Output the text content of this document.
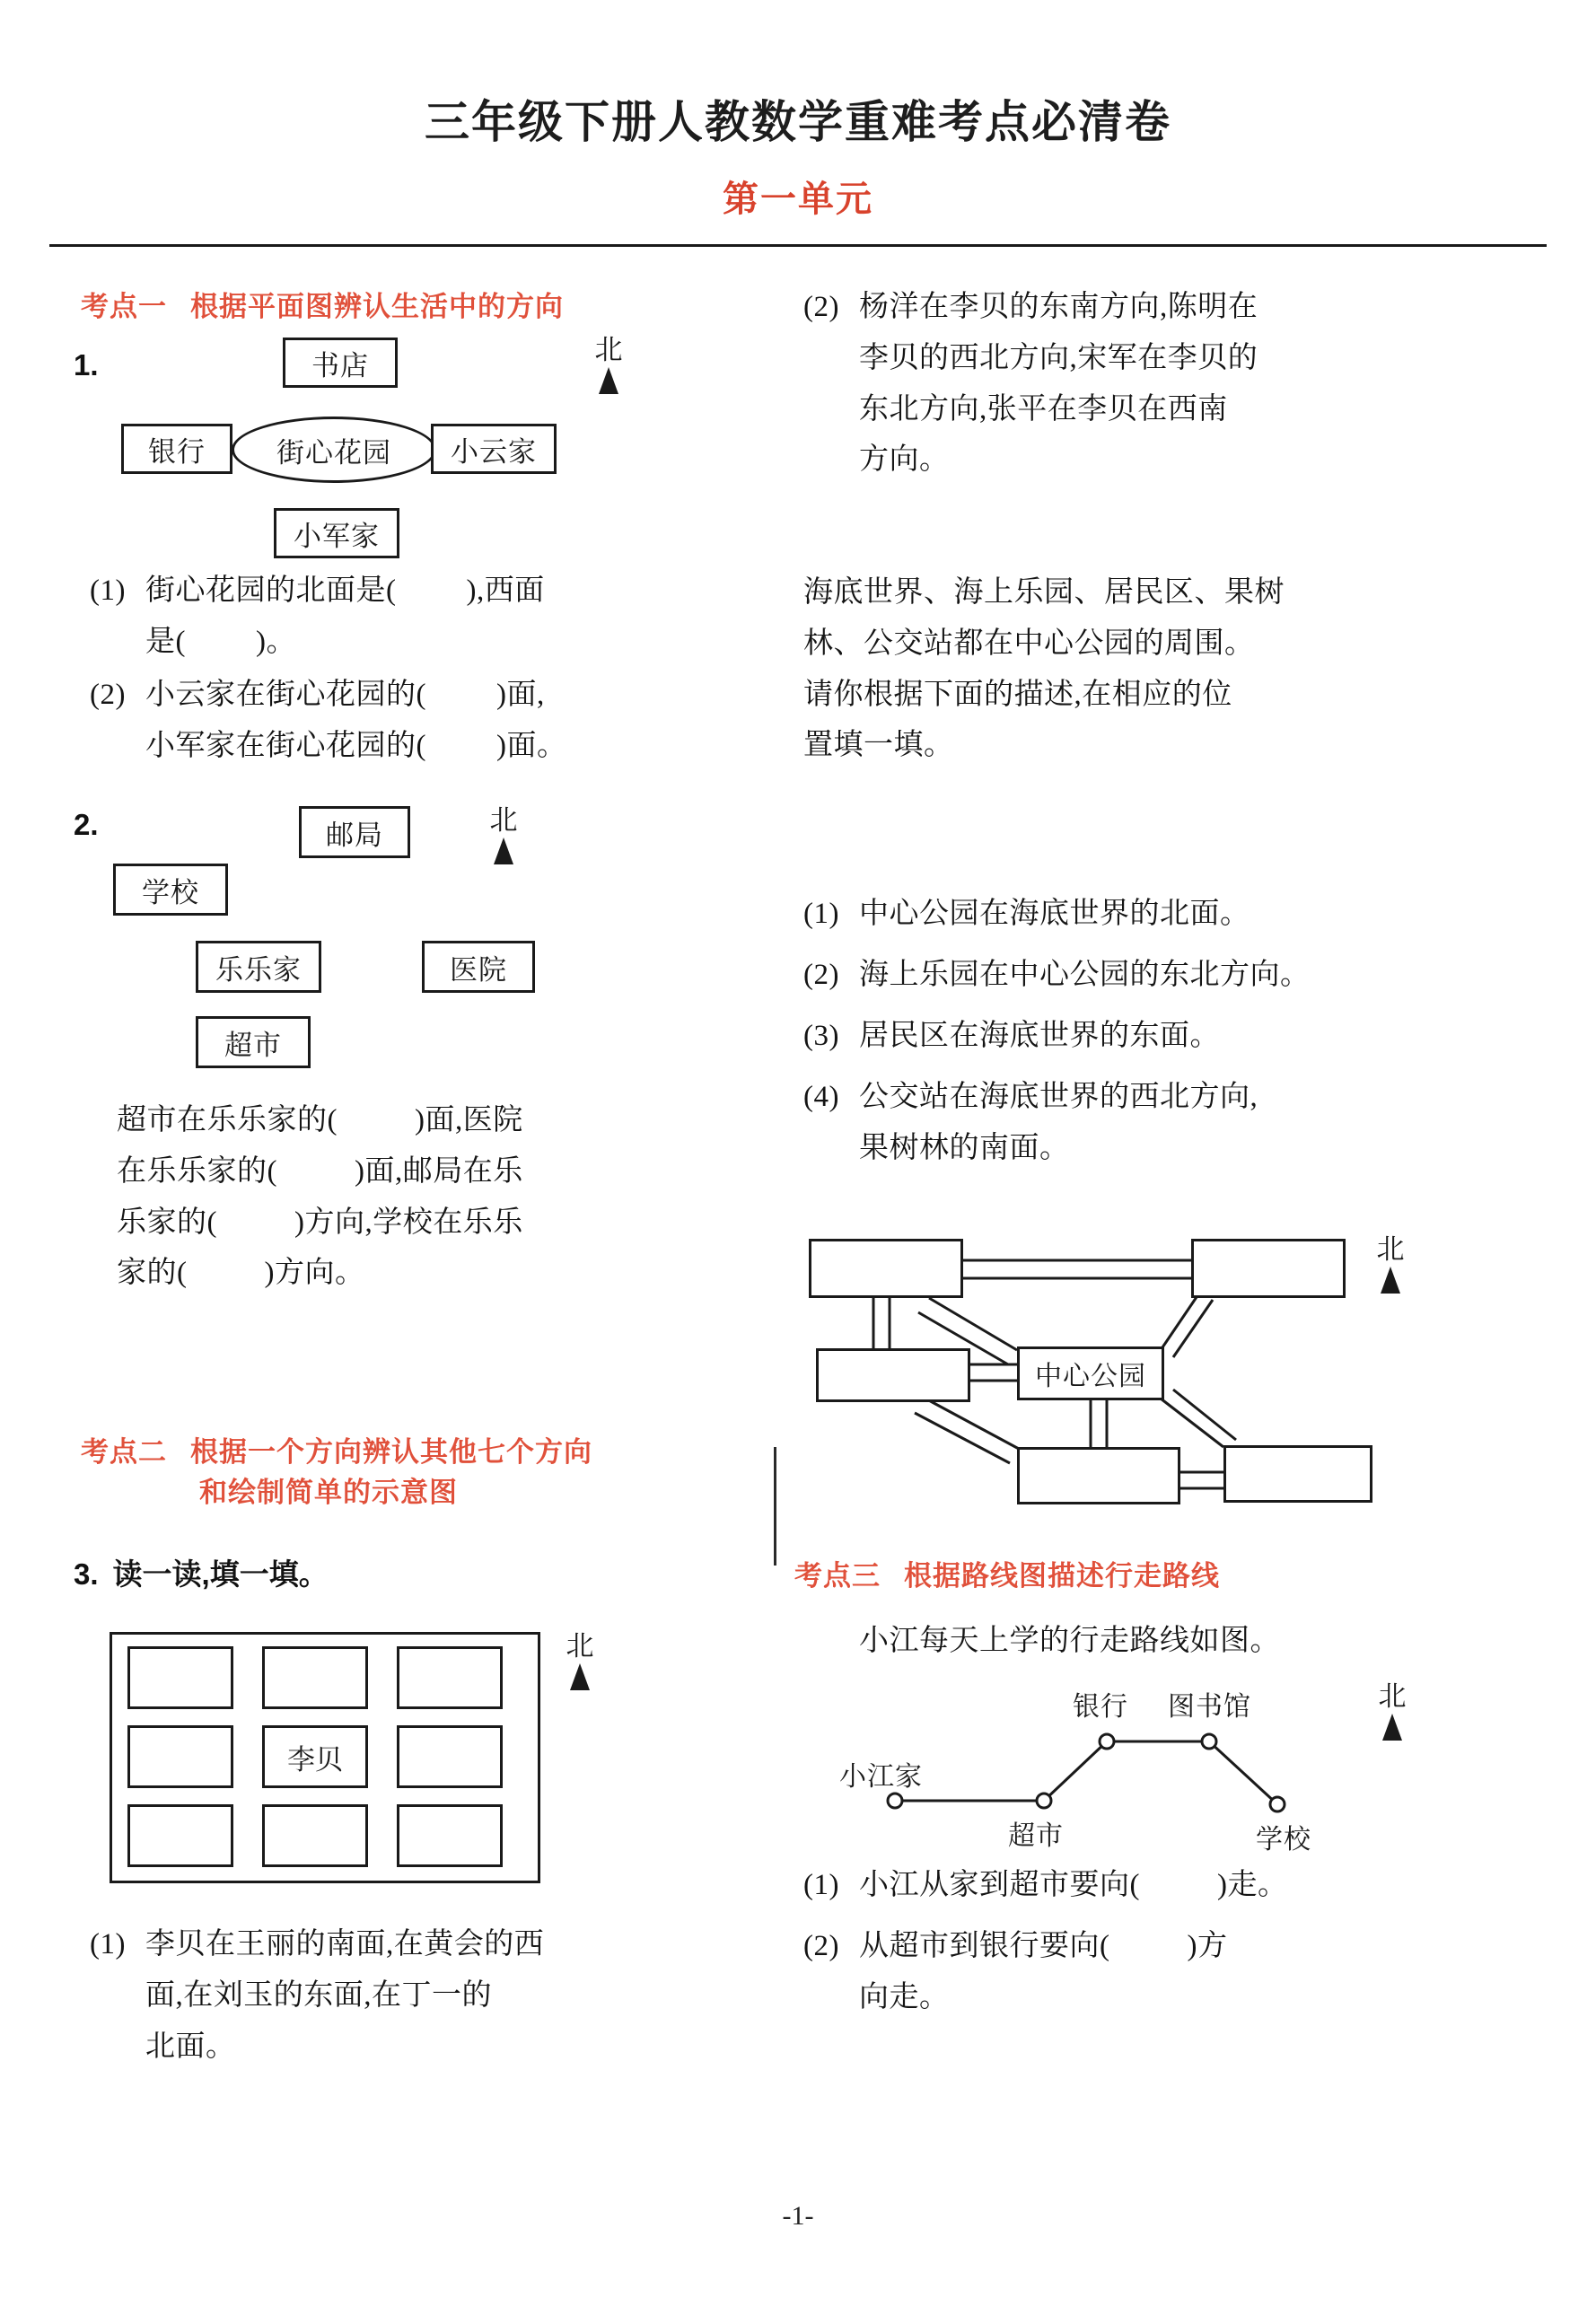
三年级下册人教数学重难考点必清卷
第一单元
考点一 根据平面图辨认生活中的方向
1.	书店
银行	街心花园	小云家
小军家
北
(1) 街心花园的北面是( ),西面
是( )。
(2) 小云家在街心花园的( )面,
小军家在街心花园的( )面。
2.	邮局
学校
乐乐家	医院
超市
北
超市在乐乐家的(	)面,医院
在乐乐家的(	)面,邮局在乐
乐家的(	)方向,学校在乐乐
家的(	)方向。
考点二 根据一个方向辨认其他七个方向
和绘制简单的示意图
3. 读一读,填一填。
李贝
北
(1) 李贝在王丽的南面,在黄会的西
面,在刘玉的东面,在丁一的
北面。
(2) 杨洋在李贝的东南方向,陈明在
李贝的西北方向,宋军在李贝的
东北方向,张平在李贝在西南
方向。
海底世界、海上乐园、居民区、果树
林、公交站都在中心公园的周围。
请你根据下面的描述,在相应的位
置填一填。
(1) 中心公园在海底世界的北面。
(2) 海上乐园在中心公园的东北方向。
(3) 居民区在海底世界的东面。
(4) 公交站在海底世界的西北方向,
果树林的南面。
中心公园
北
考点三 根据路线图描述行走路线
小江每天上学的行走路线如图。
小江家
超市
银行 图书馆
学校
北
(1) 小江从家到超市要向(	)走。
(2) 从超市到银行要向(	)方
向走。
-1-
